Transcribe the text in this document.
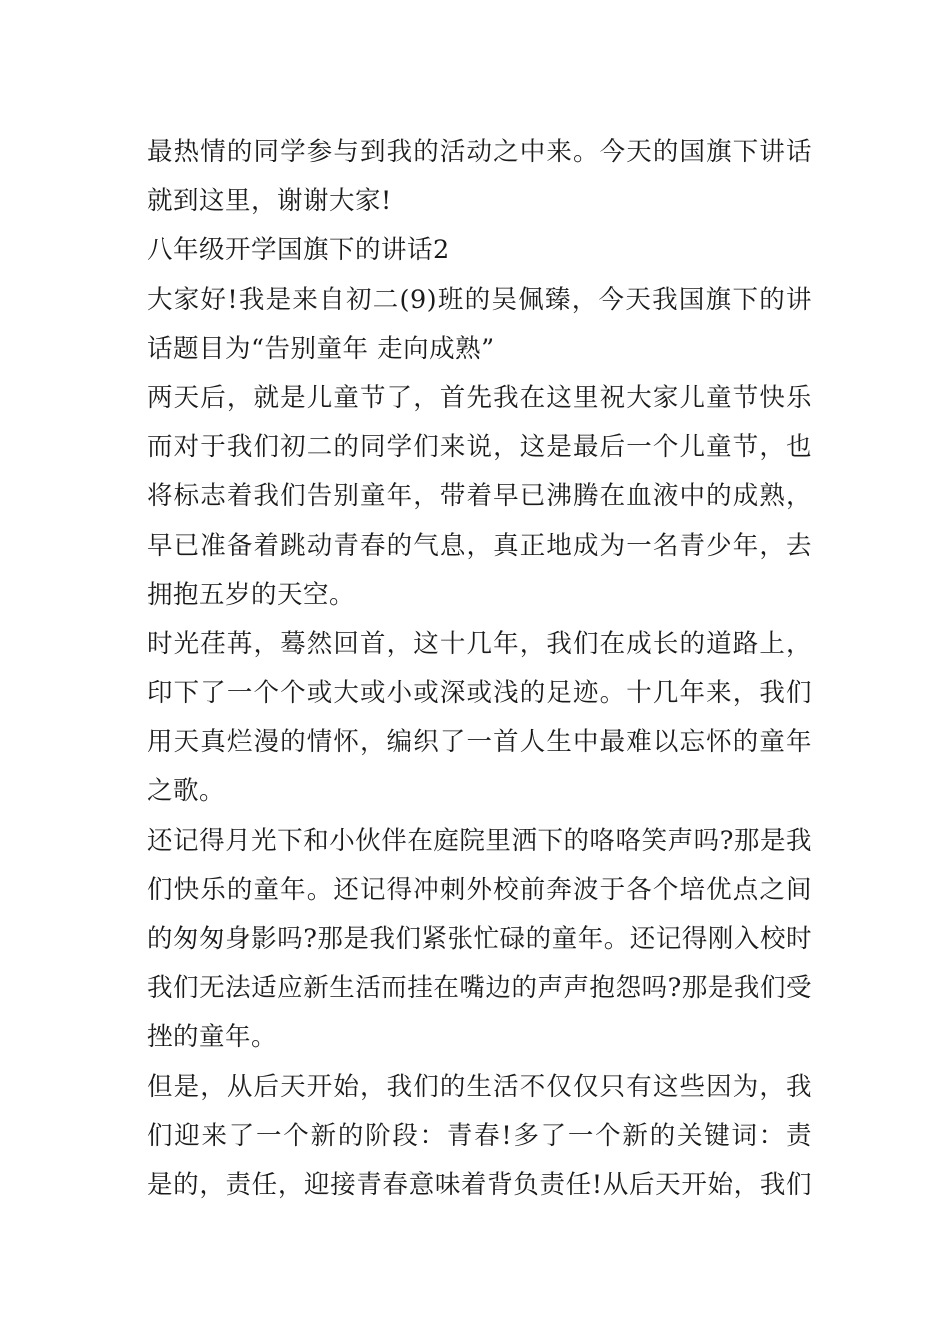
最热情的同学参与到我的活动之中来。今天的国旗下讲话
就到这里，谢谢大家!
八年级开学国旗下的讲话2
大家好!我是来自初二(9)班的吴佩臻，今天我国旗下的讲
话题目为“告别童年 走向成熟”
两天后，就是儿童节了，首先我在这里祝大家儿童节快乐
而对于我们初二的同学们来说，这是最后一个儿童节，也
将标志着我们告别童年，带着早已沸腾在血液中的成熟，
早已准备着跳动青春的气息，真正地成为一名青少年，去
拥抱五岁的天空。
时光荏苒，蓦然回首，这十几年，我们在成长的道路上，
印下了一个个或大或小或深或浅的足迹。十几年来，我们
用天真烂漫的情怀，编织了一首人生中最难以忘怀的童年
之歌。
还记得月光下和小伙伴在庭院里洒下的咯咯笑声吗?那是我
们快乐的童年。还记得冲刺外校前奔波于各个培优点之间
的匆匆身影吗?那是我们紧张忙碌的童年。还记得刚入校时
我们无法适应新生活而挂在嘴边的声声抱怨吗?那是我们受
挫的童年。
但是，从后天开始，我们的生活不仅仅只有这些因为，我
们迎来了一个新的阶段：青春!多了一个新的关键词：责
是的，责任，迎接青春意味着背负责任!从后天开始，我们
